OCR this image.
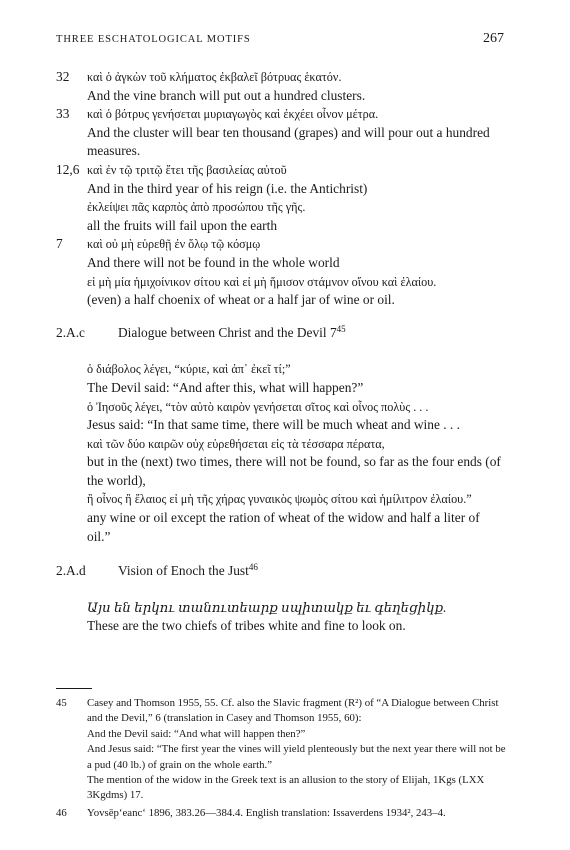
THREE ESCHATOLOGICAL MOTIFS	267
32 καὶ ὁ ἀγκὼν τοῦ κλήματος ἐκβαλεῖ βότρυας ἑκατόν.
And the vine branch will put out a hundred clusters.
33 καὶ ὁ βότρυς γενήσεται μυριαγωγὸς καὶ ἐκχέει οἶνον μέτρα.
And the cluster will bear ten thousand (grapes) and will pour out a hundred measures.
12,6 καὶ ἐν τῷ τριτῷ ἔτει τῆς βασιλείας αὐτοῦ
And in the third year of his reign (i.e. the Antichrist)
ἐκλείψει πᾶς καρπὸς ἀπὸ προσώπου τῆς γῆς.
all the fruits will fail upon the earth
7 καὶ οὐ μὴ εὑρεθῇ ἐν ὅλῳ τῷ κόσμῳ
And there will not be found in the whole world
εἰ μὴ μία ἡμιχοίνικον σίτου καὶ εἰ μὴ ἥμισον στάμνον οἴνου καὶ ἐλαίου.
(even) a half choenix of wheat or a half jar of wine or oil.
2.A.c Dialogue between Christ and the Devil $7^{45}$
ὁ διάβολος λέγει, “κύριε, καὶ ἀπ᾽ ἐκεῖ τί;”
The Devil said: “And after this, what will happen?”
ὁ Ἰησοῦς λέγει, “τὸν αὐτὸ καιρὸν γενήσεται σῖτος καὶ οἶνος πολὺς . . .
Jesus said: “In that same time, there will be much wheat and wine . . .
καὶ τῶν δύο καιρῶν οὐχ εὑρεθήσεται εἰς τὰ τέσσαρα πέρατα,
but in the (next) two times, there will not be found, so far as the four ends (of the world),
ἢ οἶνος ἢ ἔλαιος εἰ μὴ τῆς χήρας γυναικὸς ψωμὸς σίτου καὶ ἡμίλιτρον ἐλαίου.”
any wine or oil except the ration of wheat of the widow and half a liter of oil.”
2.A.d Vision of Enoch the Just$^{46}$
Այս են երկու տանուտեարք սպիտակք եւ գեղեցիկք.
These are the two chiefs of tribes white and fine to look on.
45 Casey and Thomson 1955, 55. Cf. also the Slavic fragment (R²) of “A Dialogue between Christ and the Devil,” 6 (translation in Casey and Thomson 1955, 60):
And the Devil said: “And what will happen then?”
And Jesus said: “The first year the vines will yield plenteously but the next year there will not be a pud (40 lb.) of grain on the whole earth.”
The mention of the widow in the Greek text is an allusion to the story of Elijah, 1Kgs (LXX 3Kgdms) 17.
46 Yovsēp‘eanc‘ 1896, 383.26—384.4. English translation: Issaverdens 1934², 243–4.
